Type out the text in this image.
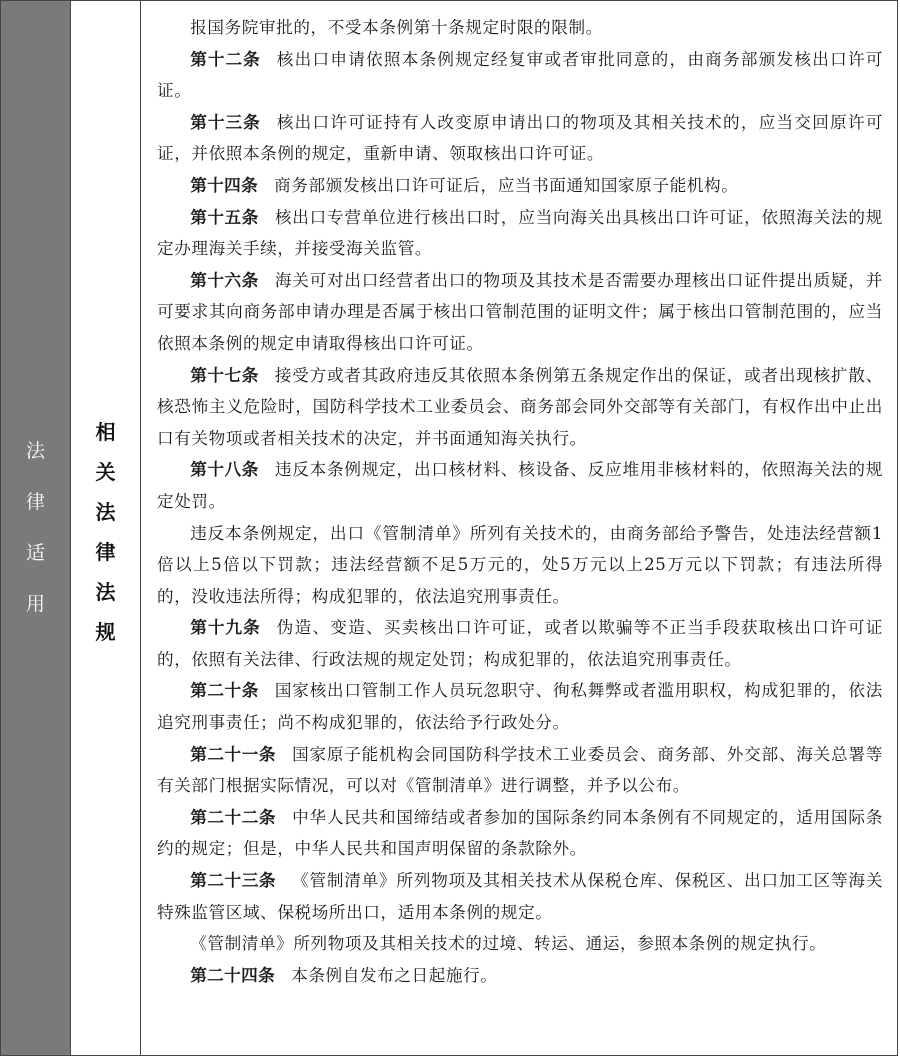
法
律
适
用
相
关
法
律
法
规

报国务院审批的，不受本条例第十条规定时限的限制。

第十二条 核出口申请依照本条例规定经复审或者审批同意的，由商务部颁发核出口许可证。

第十三条 核出口许可证持有人改变原申请出口的物项及其相关技术的，应当交回原许可证，并依照本条例的规定，重新申请、领取核出口许可证。

第十四条 商务部颁发核出口许可证后，应当书面通知国家原子能机构。

第十五条 核出口专营单位进行核出口时，应当向海关出具核出口许可证，依照海关法的规定办理海关手续，并接受海关监管。

第十六条 海关可对出口经营者出口的物项及其技术是否需要办理核出口证件提出质疑，并可要求其向商务部申请办理是否属于核出口管制范围的证明文件；属于核出口管制范围的，应当依照本条例的规定申请取得核出口许可证。

第十七条 接受方或者其政府违反其依照本条例第五条规定作出的保证，或者出现核扩散、核恐怖主义危险时，国防科学技术工业委员会、商务部会同外交部等有关部门，有权作出中止出口有关物项或者相关技术的决定，并书面通知海关执行。

第十八条 违反本条例规定，出口核材料、核设备、反应堆用非核材料的，依照海关法的规定处罚。

违反本条例规定，出口《管制清单》所列有关技术的，由商务部给予警告，处违法经营额1倍以上5倍以下罚款；违法经营额不足5万元的，处5万元以上25万元以下罚款；有违法所得的，没收违法所得；构成犯罪的，依法追究刑事责任。

第十九条 伪造、变造、买卖核出口许可证，或者以欺骗等不正当手段获取核出口许可证的，依照有关法律、行政法规的规定处罚；构成犯罪的，依法追究刑事责任。

第二十条 国家核出口管制工作人员玩忽职守、徇私舞弊或者滥用职权，构成犯罪的，依法追究刑事责任；尚不构成犯罪的，依法给予行政处分。

第二十一条 国家原子能机构会同国防科学技术工业委员会、商务部、外交部、海关总署等有关部门根据实际情况，可以对《管制清单》进行调整，并予以公布。

第二十二条 中华人民共和国缔结或者参加的国际条约同本条例有不同规定的，适用国际条约的规定；但是，中华人民共和国声明保留的条款除外。

第二十三条 《管制清单》所列物项及其相关技术从保税仓库、保税区、出口加工区等海关特殊监管区域、保税场所出口，适用本条例的规定。

《管制清单》所列物项及其相关技术的过境、转运、通运，参照本条例的规定执行。

第二十四条 本条例自发布之日起施行。
